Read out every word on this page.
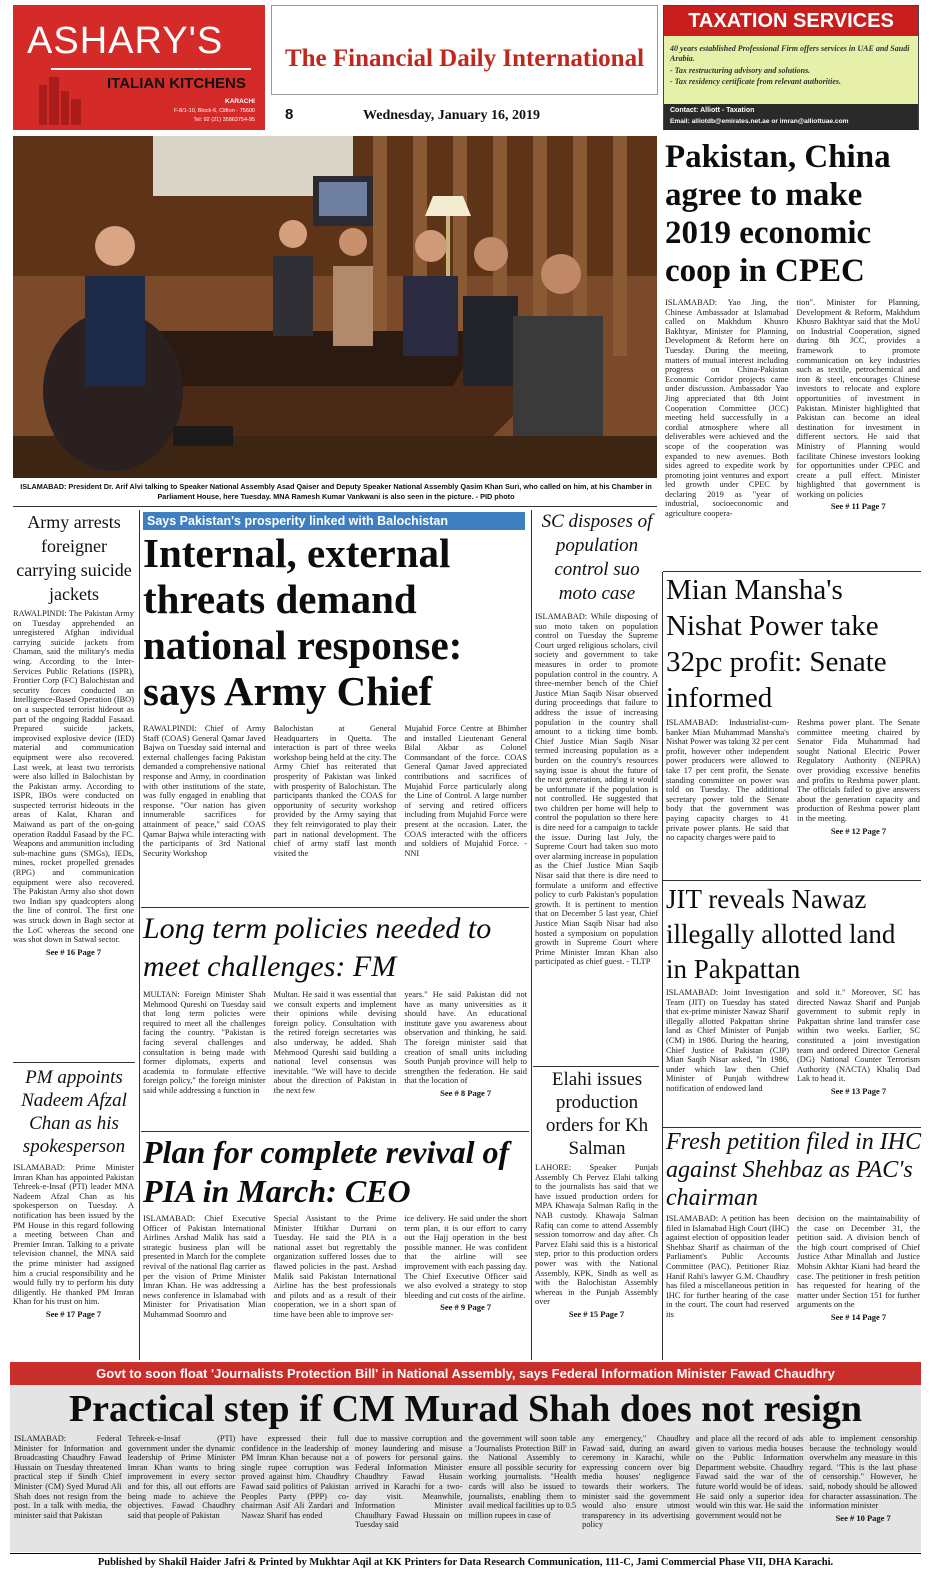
ASHARY'S
ITALIAN KITCHENS
KARACHI
F-8/1-10, Block-6, Clifton - 75600
Tel: 92 (21) 35863754-95
The Financial Daily International
8	Wednesday, January 16, 2019
TAXATION SERVICES
40 years established Professional Firm offers services in UAE and Saudi Arabia.
- Tax restructuring advisory and solutions.
- Tax residency certificate from relevant authorities.
Contact: Alliott - Taxation
Email: alliotdb@emirates.net.ae or imran@alliottuae.com
ISLAMABAD: President Dr. Arif Alvi talking to Speaker National Assembly Asad Qaiser and Deputy Speaker National Assembly Qasim Khan Suri, who called on him, at his Chamber in Parliament House, here Tuesday. MNA Ramesh Kumar Vankwani is also seen in the picture. - PID photo
Pakistan, China agree to make 2019 economic coop in CPEC
ISLAMABAD: Yao Jing, the Chinese Ambassador at Islamabad called on Makhdum Khusro Bakhtyar, Minister for Planning, Development & Reform here on Tuesday. During the meeting, matters of mutual interest including progress on China-Pakistan Economic Corridor projects came under discussion. Ambassador Yao Jing appreciated that 8th Joint Cooperation Committee (JCC) meeting held successfully in a cordial atmosphere where all deliverables were achieved and the scope of the cooperation was expanded to new avenues. Both sides agreed to expedite work by promoting joint ventures and export led growth under CPEC by declaring 2019 as "year of industrial, socioeconomic and agriculture coopera-
tion". Minister for Planning, Development & Reform, Makhdum Khusro Bakhtyar said that the MoU on Industrial Cooperation, signed during 8th JCC, provides a framework to promote communication on key industries such as textile, petrochemical and iron & steel, encourages Chinese investors to relocate and explore opportunities of investment in Pakistan. Minister highlighted that Pakistan can become an ideal destination for investment in different sectors. He said that Ministry of Planning would facilitate Chinese investors looking for opportunities under CPEC and create a pull effect. Minister highlighted that government is working on policies
See # 11 Page 7
Army arrests foreigner carrying suicide jackets
RAWALPINDI: The Pakistan Army on Tuesday apprehended an unregistered Afghan individual carrying suicide jackets from Chaman, said the military's media wing. According to the Inter-Services Public Relations (ISPR), Frontier Corp (FC) Balochistan and security forces conducted an Intelligence-Based Operation (IBO) on a suspected terrorist hideout as part of the ongoing Raddul Fasaad. Prepared suicide jackets, improvised explosive device (IED) material and communication equipment were also recovered. Last week, at least two terrorists were also killed in Balochistan by the Pakistan army. According to ISPR, IBOs were conducted on suspected terrorist hideouts in the areas of Kalat, Kharan and Maiwand as part of the on-going operation Raddul Fasaad by the FC. Weapons and ammunition including sub-machine guns (SMGs), IEDs, mines, rocket propelled grenades (RPG) and communication equipment were also recovered. The Pakistan Army also shot down two Indian spy quadcopters along the line of control. The first one was struck down in Bagh sector at the LoC whereas the second one was shot down in Satwal sector.
See # 16 Page 7
PM appoints Nadeem Afzal Chan as his spokesperson
ISLAMABAD: Prime Minister Imran Khan has appointed Pakistan Tehreek-e-Insaf (PTI) leader MNA Nadeem Afzal Chan as his spokesperson on Tuesday. A notification has been issued by the PM House in this regard following a meeting between Chan and Premier Imran. Talking to a private television channel, the MNA said the prime minister had assigned him a crucial responsibility and he would fully try to perform his duty diligently. He thanked PM Imran Khan for his trust on him.
See # 17 Page 7
Says Pakistan's prosperity linked with Balochistan
Internal, external threats demand national response: says Army Chief
RAWALPINDI: Chief of Army Staff (COAS) General Qamar Javed Bajwa on Tuesday said internal and external challenges facing Pakistan demanded a comprehensive national response and Army, in coordination with other institutions of the state, was fully engaged in enabling that response. "Our nation has given innumerable sacrifices for attainment of peace," said COAS Qamar Bajwa while interacting with the participants of 3rd National Security Workshop
Balochistan at General Headquarters in Quetta. The interaction is part of three weeks workshop being held at the city. The Army Chief has reiterated that prosperity of Pakistan was linked with prosperity of Balochistan. The participants thanked the COAS for opportunity of security workshop provided by the Army saying that they felt reinvigorated to play their part in national development. The chief of army staff last month visited the
Mujahid Force Centre at Bhimber and installed Lieutenant General Bilal Akbar as Colonel Commandant of the force. COAS General Qamar Javed appreciated contributions and sacrifices of Mujahid Force particularly along the Line of Control. A large number of serving and retired officers including from Mujahid Force were present at the occasion. Later, the COAS interacted with the officers and soldiers of Mujahid Force. - NNI
Long term policies needed to meet challenges: FM
MULTAN: Foreign Minister Shah Mehmood Qureshi on Tuesday said that long term policies were required to meet all the challenges facing the country. "Pakistan is facing several challenges and consultation is being made with former diplomats, experts and academia to formulate effective foreign policy," the foreign minister said while addressing a function in
Multan. He said it was essential that we consult experts and implement their opinions while devising foreign policy. Consultation with the retired foreign secretaries was also underway, he added. Shah Mehmood Qureshi said building a national level consensus was inevitable. "We will have to decide about the direction of Pakistan in the next few
years." He said Pakistan did not have as many universities as it should have. An educational institute gave you awareness about observation and thinking, he said. The foreign minister said that creation of small units including South Punjab province will help to strengthen the federation. He said that the location of
See # 8 Page 7
Plan for complete revival of PIA in March: CEO
ISLAMABAD: Chief Executive Officer of Pakistan International Airlines Arshad Malik has said a strategic business plan will be presented in March for the complete revival of the national flag carrier as per the vision of Prime Minister Imran Khan. He was addressing a news conference in Islamabad with Minister for Privatisation Mian Muhammad Soomro and
Special Assistant to the Prime Minister Iftikhar Durrani on Tuesday. He said the PIA is a national asset but regrettably the organization suffered losses due to flawed policies in the past. Arshad Malik said Pakistan International Airline has the best professionals and pilots and as a result of their cooperation, we in a short span of time have been able to improve ser-
ice delivery. He said under the short term plan, it is our effort to carry out the Hajj operation in the best possible manner. He was confident that the airline will see improvement with each passing day. The Chief Executive Officer said we also evolved a strategy to stop bleeding and cut costs of the airline.
See # 9 Page 7
SC disposes of population control suo moto case
ISLAMABAD: While disposing of suo moto taken on population control on Tuesday the Supreme Court urged religious scholars, civil society and government to take measures in order to promote population control in the country. A three-member bench of the Chief Justice Mian Saqib Nisar observed during proceedings that failure to address the issue of increasing population in the country shall amount to a ticking time bomb. Chief Justice Mian Saqib Nisar termed increasing population as a burden on the country's resources saying issue is about the future of the next generation, adding it would be unfortunate if the population is not controlled. He suggested that two children per home will help to control the population so there here is dire need for a campaign to tackle the issue. During last July, the Supreme Court had taken suo moto over alarming increase in population as the Chief Justice Mian Saqib Nisar said that there is dire need to formulate a uniform and effective policy to curb Pakistan's population growth. It is pertinent to mention that on December 5 last year, Chief Justice Mian Saqib Nisar had also hosted a symposium on population growth in Supreme Court where Prime Minister Imran Khan also participated as chief guest. - TLTP
Elahi issues production orders for Kh Salman
LAHORE: Speaker Punjab Assembly Ch Pervez Elahi talking to the journalists has said that we have issued production orders for MPA Khawaja Salman Rafiq in the NAB custody. Khawaja Salman Rafiq can come to attend Assembly session tomorrow and day after. Ch Parvez Elahi said this is a historical step, prior to this production orders power was with the National Assembly, KPK, Sindh as well as with the Balochistan Assembly whereas in the Punjab Assembly over
See # 15 Page 7
Mian Mansha's Nishat Power take 32pc profit: Senate informed
ISLAMABAD: Industrialist-cum-banker Mian Muhammad Mansha's Nishat Power was taking 32 per cent profit, however other independent power producers were allowed to take 17 per cent profit, the Senate standing committee on power was told on Tuesday. The additional secretary power told the Senate body that the government was paying capacity charges to 41 private power plants. He said that no capacity charges were paid to
Reshma power plant. The Senate committee meeting chaired by Senator Fida Muhammad had sought National Electric Power Regulatory Authority (NEPRA) over providing excessive benefits and profits to Reshma power plant. The officials failed to give answers about the generation capacity and production of Reshma power plant in the meeting.
See # 12 Page 7
JIT reveals Nawaz illegally allotted land in Pakpattan
ISLAMABAD: Joint Investigation Team (JIT) on Tuesday has stated that ex-prime minister Nawaz Sharif illegally allotted Pakpattan shrine land as Chief Minister of Punjab (CM) in 1986. During the hearing, Chief Justice of Pakistan (CJP) Mian Saqib Nisar asked, "In 1986, under which law then Chief Minister of Punjab withdrew notification of endowed land
and sold it." Moreover, SC has directed Nawaz Sharif and Punjab government to submit reply in Pakpattan shrine land transfer case within two weeks. Earlier, SC constituted a joint investigation team and ordered Director General (DG) National Counter Terrorism Authority (NACTA) Khaliq Dad Lak to head it.
See # 13 Page 7
Fresh petition filed in IHC against Shehbaz as PAC's chairman
ISLAMABAD: A petition has been filed in Islamabad High Court (IHC) against election of opposition leader Shehbaz Sharif as chairman of the Parliament's Public Accounts Committee (PAC). Petitioner Riaz Hanif Rahi's lawyer G.M. Chaudhry has filed a miscellaneous petition in IHC for further hearing of the case in the court. The court had reserved its
decision on the maintainability of the case on December 31, the petition said. A division bench of the high court comprised of Chief Justice Athar Minallah and Justice Mohsin Akhtar Kiani had heard the case. The petitioner in fresh petition has requested for hearing of the matter under Section 151 for further arguments on the
See # 14 Page 7
Govt to soon float 'Journalists Protection Bill' in National Assembly, says Federal Information Minister Fawad Chaudhry
Practical step if CM Murad Shah does not resign
ISLAMABAD: Federal Minister for Information and Broadcasting Chaudhry Fawad Hussain on Tuesday threatened practical step if Sindh Chief Minister (CM) Syed Murad Ali Shah does not resign from the post. In a talk with media, the minister said that Pakistan
Tehreek-e-Insaf (PTI) government under the dynamic leadership of Prime Minister Imran Khan wants to bring improvement in every sector and for this, all out efforts are being made to achieve the objectives. Fawad Chaudhry said that people of Pakistan
have expressed their full confidence in the leadership of PM Imran Khan because not a single rupee corruption was proved against him. Chaudhry Fawad said politics of Pakistan Peoples Party (PPP) co-chairman Asif Ali Zardari and Nawaz Sharif has ended
due to massive corruption and money laundering and misuse of powers for personal gains. Federal Information Minister Chaudhry Fawad Husain arrived in Karachi for a two-day visit. Meanwhile, Information Minister Chaudhary Fawad Hussain on Tuesday said
the government will soon table a 'Journalists Protection Bill' in the National Assembly to ensure all possible security for working journalists. "Health cards will also be issued to journalists, enabling them to avail medical facilities up to 0.5 million rupees in case of
any emergency," Chaudhry Fawad said, during an award ceremony in Karachi, while expressing concern over big media houses' negligence towards their workers. The minister said the government would also ensure utmost transparency in its advertising policy
and place all the record of ads given to various media houses on the Public Information Department website. Chaudhry Fawad said the war of the future world would be of ideas. He said only a superior idea would win this war. He said the government would not be
able to implement censorship because the technology would overwhelm any measure in this regard. "This is the last phase of censorship." However, he said, nobody should be allowed for character assassination. The information minister
See # 10 Page 7
Published by Shakil Haider Jafri & Printed by Mukhtar Aqil at KK Printers for Data Research Communication, 111-C, Jami Commercial Phase VII, DHA Karachi.
